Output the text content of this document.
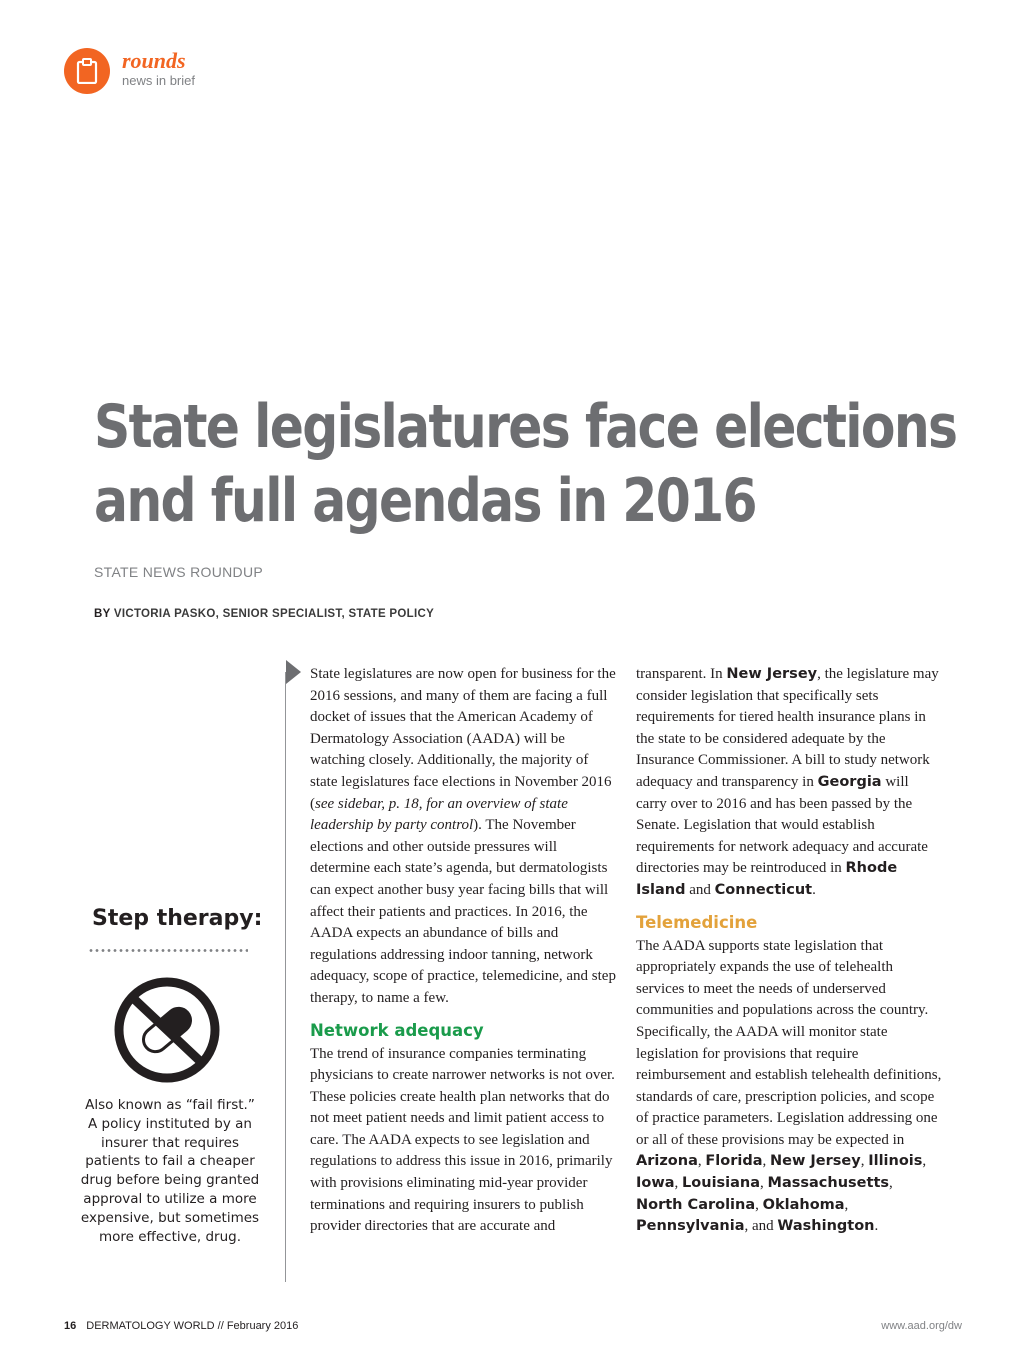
rounds
news in brief
State legislatures face elections
and full agendas in 2016
STATE NEWS ROUNDUP
BY VICTORIA PASKO, SENIOR SPECIALIST, STATE POLICY
Step therapy:
Also known as “fail first.” A policy instituted by an insurer that requires patients to fail a cheaper drug before being granted approval to utilize a more expensive, but sometimes more effective, drug.

State legislatures are now open for business for the 2016 sessions, and many of them are facing a full docket of issues that the American Academy of Dermatology Association (AADA) will be watching closely. Additionally, the majority of state legislatures face elections in November 2016 (see sidebar, p. 18, for an overview of state leadership by party control). The November elections and other outside pressures will determine each state’s agenda, but dermatologists can expect another busy year facing bills that will affect their patients and practices. In 2016, the AADA expects an abundance of bills and regulations addressing indoor tanning, network adequacy, scope of practice, telemedicine, and step therapy, to name a few.

Network adequacy

The trend of insurance companies terminating physicians to create narrower networks is not over. These policies create health plan networks that do not meet patient needs and limit patient access to care. The AADA expects to see legislation and regulations to address this issue in 2016, primarily with provisions eliminating mid-year provider terminations and requiring insurers to publish provider directories that are accurate and

transparent. In New Jersey, the legislature may consider legislation that specifically sets requirements for tiered health insurance plans in the state to be considered adequate by the Insurance Commissioner. A bill to study network adequacy and transparency in Georgia will carry over to 2016 and has been passed by the Senate. Legislation that would establish requirements for network adequacy and accurate directories may be reintroduced in Rhode Island and Connecticut.

Telemedicine

The AADA supports state legislation that appropriately expands the use of telehealth services to meet the needs of underserved communities and populations across the country. Specifically, the AADA will monitor state legislation for provisions that require reimbursement and establish telehealth definitions, standards of care, prescription policies, and scope of practice parameters. Legislation addressing one or all of these provisions may be expected in Arizona, Florida, New Jersey, Illinois, Iowa, Louisiana, Massachusetts, North Carolina, Oklahoma, Pennsylvania, and Washington.

16 DERMATOLOGY WORLD // February 2016	www.aad.org/dw
